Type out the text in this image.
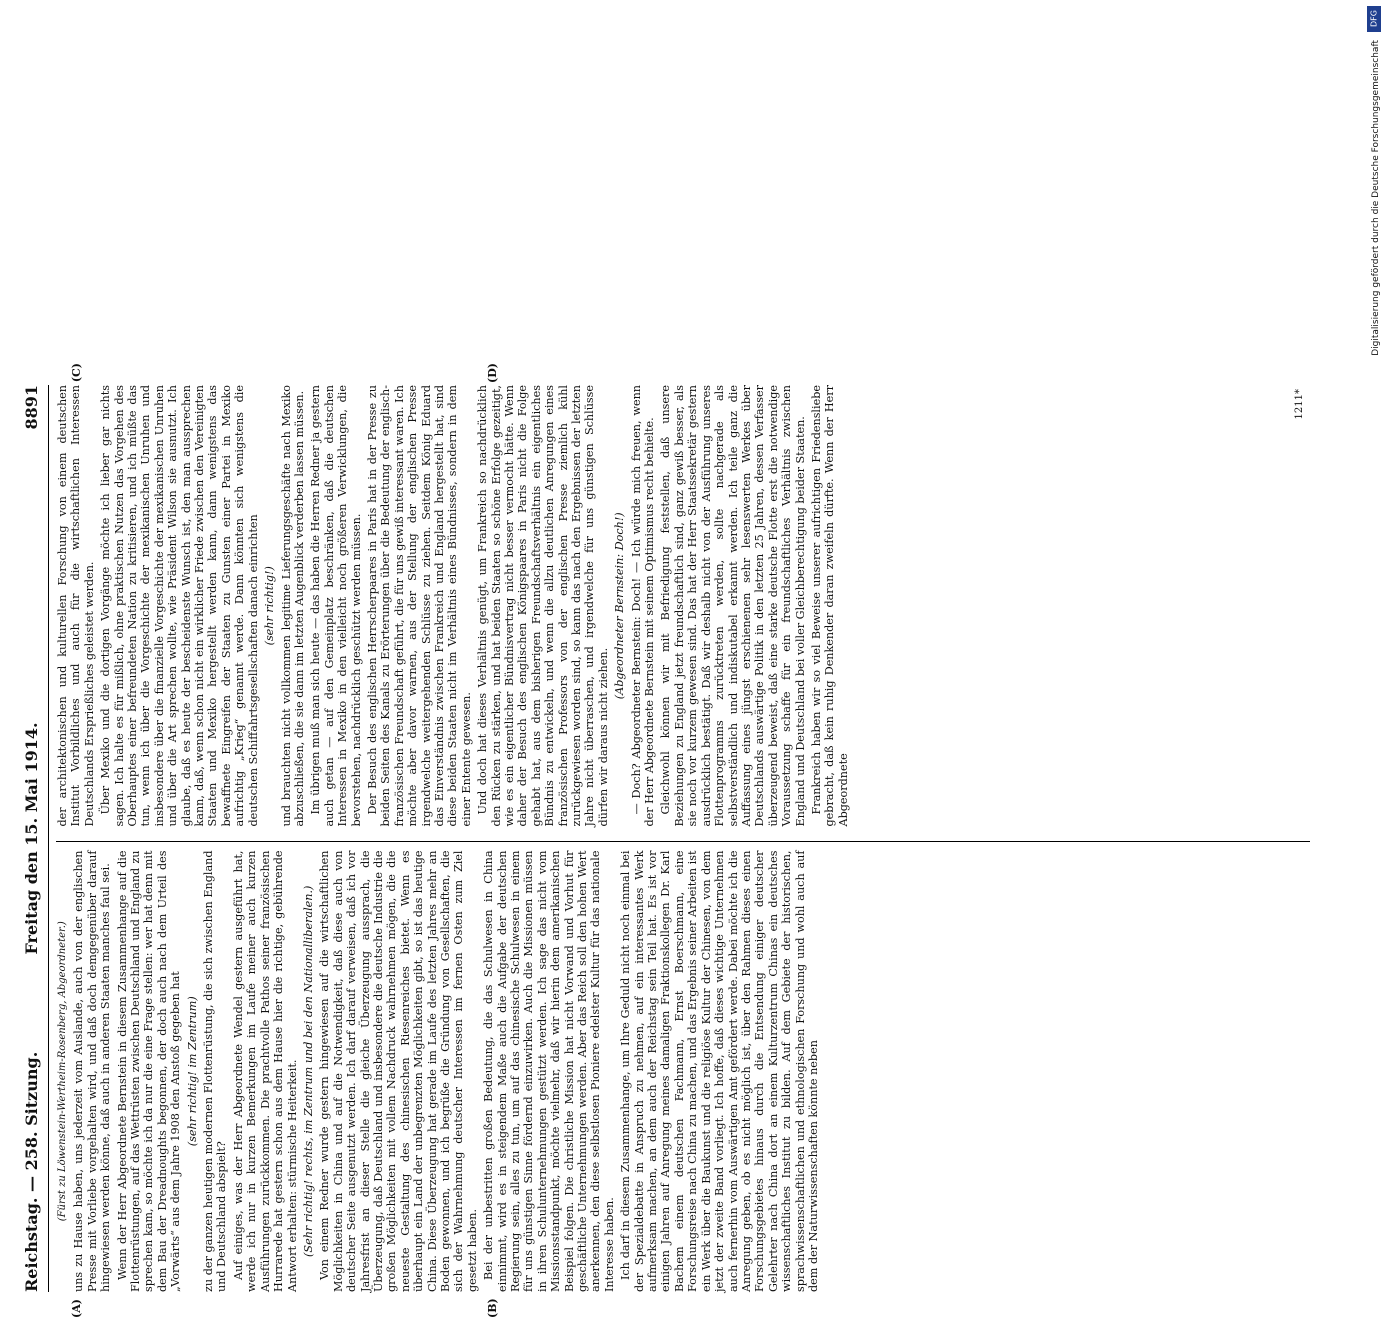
DFG
Digitalisierung gefördert durch die Deutsche Forschungsgemeinschaft
Reichstag. — 258. Sitzung.
Freitag den 15. Mai 1914.
8891
(A)	(B)
(Fürst zu Löwenstein-Wertheim-Rosenberg, Abgeordneter.) uns zu Hause haben, uns jederzeit vom Auslande, auch von der englischen Presse mit Vorliebe vorgehalten wird, und daß doch demgegenüber darauf hingewiesen werden könne, daß auch in anderen Staaten manches faul sei. Wenn der Herr Abgeordnete Bernstein in diesem Zusammenhange auf die Flottenrüstungen, auf das Wettrüsten zwischen Deutschland und England zu sprechen kam, so möchte ich da nur die eine Frage stellen: wer hat denn mit dem Bau der Dreadnoughts begonnen, der doch auch nach dem Urteil des „Vorwärts“ aus dem Jahre 1908 den Anstoß gegeben hat (sehr richtig! im Zentrum) zu der ganzen heutigen modernen Flottenrüstung, die sich zwischen England und Deutschland abspielt? Auf einiges, was der Herr Abgeordnete Wendel gestern ausgeführt hat, werde ich nur in kurzen Bemerkungen im Laufe meiner auch kurzen Ausführungen zurückkommen. Die prachtvolle Pathos seiner französischen Hurrarede hat gestern schon aus dem Hause hier die richtige, gebührende Antwort erhalten: stürmische Heiterkeit. (Sehr richtig! rechts, im Zentrum und bei den Nationalliberalen.) Von einem Redner wurde gestern hingewiesen auf die wirtschaftlichen Möglichkeiten in China und auf die Notwendigkeit, daß diese auch von deutscher Seite ausgenutzt werden. Ich darf darauf verweisen, daß ich vor Jahresfrist an dieser Stelle die gleiche Überzeugung aussprach, die Überzeugung, daß Deutschland und insbesondere die deutsche Industrie die großen Möglichkeiten mit vollem Nachdruck wahrnehmen mögen, die die neueste Gestaltung des chinesischen Riesenreiches bietet. Wenn es überhaupt ein Land der unbegrenzten Möglichkeiten gibt, so ist das heutige China. Diese Überzeugung hat gerade im Laufe des letzten Jahres mehr an Boden gewonnen, und ich begrüße die Gründung von Gesellschaften, die sich der Wahrnehmung deutscher Interessen im fernen Osten zum Ziel gesetzt haben. Bei der unbestritten großen Bedeutung, die das Schulwesen in China einnimmt, wird es in steigendem Maße auch die Aufgabe der deutschen Regierung sein, alles zu tun, um auf das chinesische Schulwesen in einem für uns günstigen Sinne fördernd einzuwirken. Auch die Missionen müssen in ihren Schulunternehmungen gestützt werden. Ich sage das nicht vom Missionsstandpunkt, möchte vielmehr, daß wir hierin dem amerikanischen Beispiel folgen. Die christliche Mission hat nicht Vorwand und Vorhut für geschäftliche Unternehmungen werden. Aber das Reich soll den hohen Wert anerkennen, den diese selbstlosen Pioniere edelster Kultur für das nationale Interesse haben. Ich darf in diesem Zusammenhange, um Ihre Geduld nicht noch einmal bei der Spezialdebatte in Anspruch zu nehmen, auf ein interessantes Werk aufmerksam machen, an dem auch der Reichstag sein Teil hat. Es ist vor einigen Jahren auf Anregung meines damaligen Fraktionskollegen Dr. Karl Bachem einem deutschen Fachmann, Ernst Boerschmann, eine Forschungsreise nach China zu machen, und das Ergebnis seiner Arbeiten ist ein Werk über die Baukunst und die religiöse Kultur der Chinesen, von dem jetzt der zweite Band vorliegt. Ich hoffe, daß dieses wichtige Unternehmen auch fernerhin vom Auswärtigen Amt gefördert werde. Dabei möchte ich die Anregung geben, ob es nicht möglich ist, über den Rahmen dieses einen Forschungsgebietes hinaus durch die Entsendung einiger deutscher Gelehrter nach China dort an einem Kulturzentrum Chinas ein deutsches wissenschaftliches Institut zu bilden. Auf dem Gebiete der historischen, sprachwissenschaftlichen und ethnologischen Forschung und wohl auch auf dem der Naturwissenschaften könnte neben

(C)	(D)

der architektonischen und kulturellen Forschung von einem deutschen Institut Vorbildliches und auch für die wirtschaftlichen Interessen Deutschlands Ersprießliches geleistet werden. Über Mexiko und die dortigen Vorgänge möchte ich lieber gar nichts sagen. Ich halte es für mißlich, ohne praktischen Nutzen das Vorgehen des Oberhauptes einer befreundeten Nation zu kritisieren, und ich müßte das tun, wenn ich über die Vorgeschichte der mexikanischen Unruhen und insbesondere über die finanzielle Vorgeschichte der mexikanischen Unruhen und über die Art sprechen wollte, wie Präsident Wilson sie ausnutzt. Ich glaube, daß es heute der bescheidenste Wunsch ist, den man aussprechen kann, daß, wenn schon nicht ein wirklicher Friede zwischen den Vereinigten Staaten und Mexiko hergestellt werden kann, dann wenigstens das bewaffnete Eingreifen der Staaten zu Gunsten einer Partei in Mexiko aufrichtig „Krieg“ genannt werde. Dann könnten sich wenigstens die deutschen Schiffahrtsgesellschaften danach einrichten (sehr richtig!) und brauchten nicht vollkommen legitime Lieferungsgeschäfte nach Mexiko abzuschließen, die sie dann im letzten Augenblick verderben lassen müssen. Im übrigen muß man sich heute — das haben die Herren Redner ja gestern auch getan — auf den Gemeinplatz beschränken, daß die deutschen Interessen in Mexiko in den vielleicht noch größeren Verwicklungen, die bevorstehen, nachdrücklich geschützt werden müssen. Der Besuch des englischen Herrscherpaares in Paris hat in der Presse zu beiden Seiten des Kanals zu Erörterungen über die Bedeutung der englisch-französischen Freundschaft geführt, die für uns gewiß interessant waren. Ich möchte aber davor warnen, aus der Stellung der englischen Presse irgendwelche weitergehenden Schlüsse zu ziehen. Seitdem König Eduard das Einverständnis zwischen Frankreich und England hergestellt hat, sind diese beiden Staaten nicht im Verhältnis eines Bündnisses, sondern in dem einer Entente gewesen. Und doch hat dieses Verhältnis genügt, um Frankreich so nachdrücklich den Rücken zu stärken, und hat beiden Staaten so schöne Erfolge gezeitigt, wie es ein eigentlicher Bündnisvertrag nicht besser vermocht hätte. Wenn daher der Besuch des englischen Königspaares in Paris nicht die Folge gehabt hat, aus dem bisherigen Freundschaftsverhältnis ein eigentliches Bündnis zu entwickeln, und wenn die allzu deutlichen Anregungen eines französischen Professors von der englischen Presse ziemlich kühl zurückgewiesen worden sind, so kann das nach den Ergebnissen der letzten Jahre nicht überraschen, und irgendwelche für uns günstigen Schlüsse dürfen wir daraus nicht ziehen.

(Abgeordneter Bernstein: Doch!) — Doch? Abgeordneter Bernstein: Doch! — Ich würde mich freuen, wenn der Herr Abgeordnete Bernstein mit seinem Optimismus recht behielte. Gleichwohl können wir mit Befriedigung feststellen, daß unsere Beziehungen zu England jetzt freundschaftlich sind, ganz gewiß besser, als sie noch vor kurzem gewesen sind. Das hat der Herr Staatssekretär gestern ausdrücklich bestätigt. Daß wir deshalb nicht von der Ausführung unseres Flottenprogramms zurücktreten werden, sollte nachgerade als selbstverständlich und indiskutabel erkannt werden. Ich teile ganz die Auffassung eines jüngst erschienenen sehr lesenswerten Werkes über Deutschlands auswärtige Politik in den letzten 25 Jahren, dessen Verfasser überzeugend beweist, daß eine starke deutsche Flotte erst die notwendige Voraussetzung schaffe für ein freundschaftliches Verhältnis zwischen England und Deutschland bei voller Gleichberechtigung beider Staaten. Frankreich haben wir so viel Beweise unserer aufrichtigen Friedensliebe gebracht, daß kein ruhig Denkender daran zweifeln dürfte. Wenn der Herr Abgeordnete

1211*
